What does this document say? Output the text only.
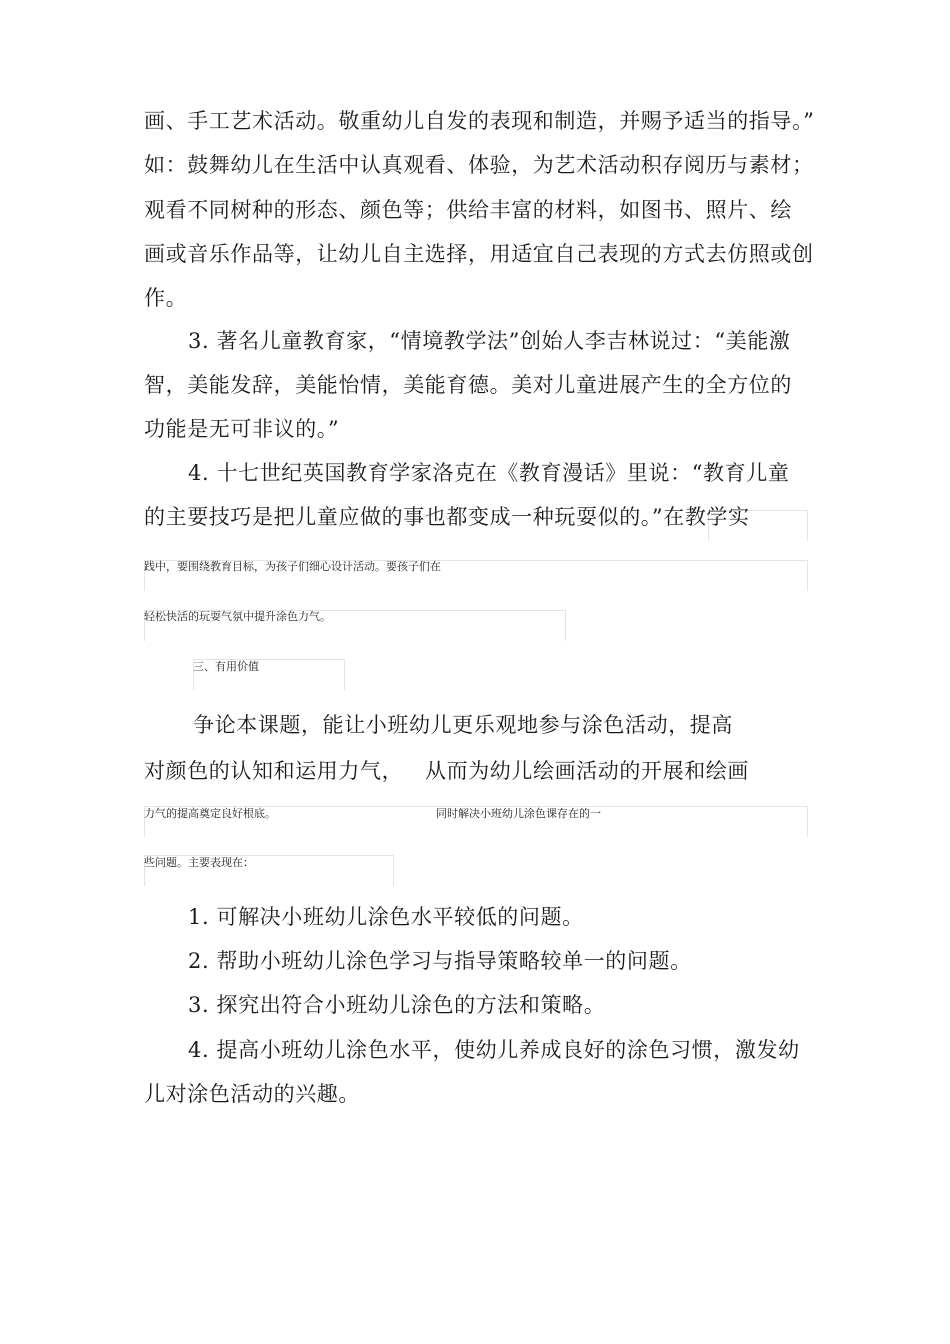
画、手工艺术活动。敬重幼儿自发的表现和制造，并赐予适当的指导。”
如：鼓舞幼儿在生活中认真观看、体验，为艺术活动积存阅历与素材；
观看不同树种的形态、颜色等；供给丰富的材料，如图书、照片、绘
画或音乐作品等，让幼儿自主选择，用适宜自己表现的方式去仿照或创
作。
3. 著名儿童教育家，“情境教学法”创始人李吉林说过：“美能激
智，美能发辞，美能怡情，美能育德。美对儿童进展产生的全方位的
功能是无可非议的。”
4. 十七世纪英国教育学家洛克在《教育漫话》里说：“教育儿童
的主要技巧是把儿童应做的事也都变成一种玩耍似的。”在教学实
践中，要围绕教育目标，为孩子们细心设计活动。要孩子们在
轻松快活的玩耍气氛中提升涂色力气。
三、有用价值
争论本课题，能让小班幼儿更乐观地参与涂色活动，提高
对颜色的认知和运用力气， 从而为幼儿绘画活动的开展和绘画
力气的提高奠定良好根底。	同时解决小班幼儿涂色课存在的一
些问题。主要表现在：
1. 可解决小班幼儿涂色水平较低的问题。
2. 帮助小班幼儿涂色学习与指导策略较单一的问题。
3. 探究出符合小班幼儿涂色的方法和策略。
4. 提高小班幼儿涂色水平，使幼儿养成良好的涂色习惯，激发幼
儿对涂色活动的兴趣。
